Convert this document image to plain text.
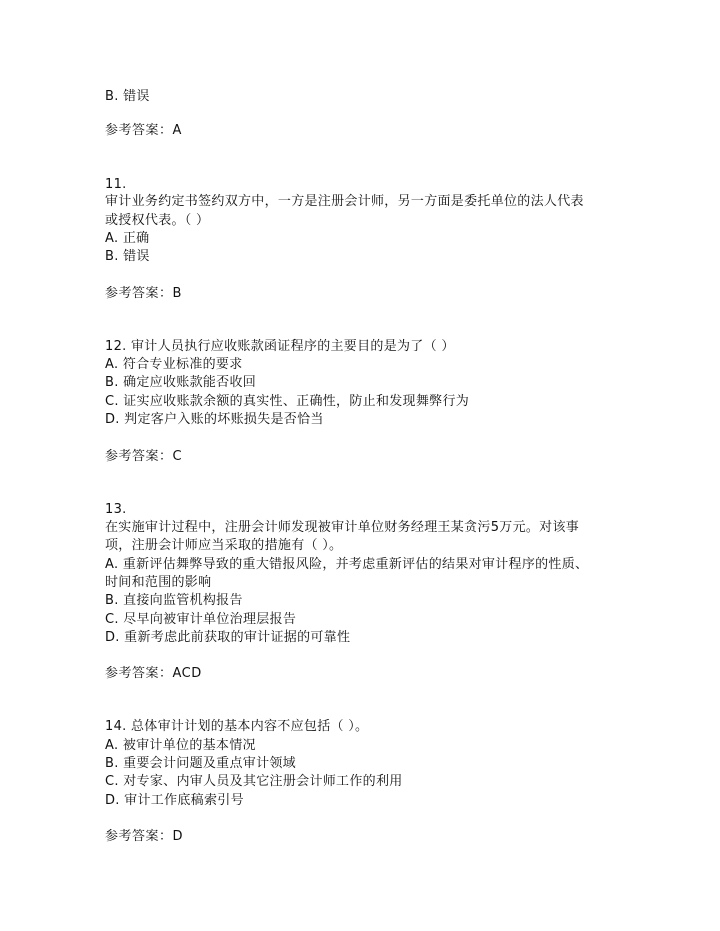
B. 错误
参考答案：A
11.
审计业务约定书签约双方中，一方是注册会计师，另一方面是委托单位的法人代表
或授权代表。（ ）
A. 正确
B. 错误
参考答案：B
12. 审计人员执行应收账款函证程序的主要目的是为了（ ）
A. 符合专业标准的要求
B. 确定应收账款能否收回
C. 证实应收账款余额的真实性、正确性，防止和发现舞弊行为
D. 判定客户入账的坏账损失是否恰当
参考答案：C
13.
在实施审计过程中，注册会计师发现被审计单位财务经理王某贪污5万元。对该事
项，注册会计师应当采取的措施有（ ）。
A. 重新评估舞弊导致的重大错报风险，并考虑重新评估的结果对审计程序的性质、
时间和范围的影响
B. 直接向监管机构报告
C. 尽早向被审计单位治理层报告
D. 重新考虑此前获取的审计证据的可靠性
参考答案：ACD
14. 总体审计计划的基本内容不应包括（ ）。
A. 被审计单位的基本情况
B. 重要会计问题及重点审计领域
C. 对专家、内审人员及其它注册会计师工作的利用
D. 审计工作底稿索引号
参考答案：D
